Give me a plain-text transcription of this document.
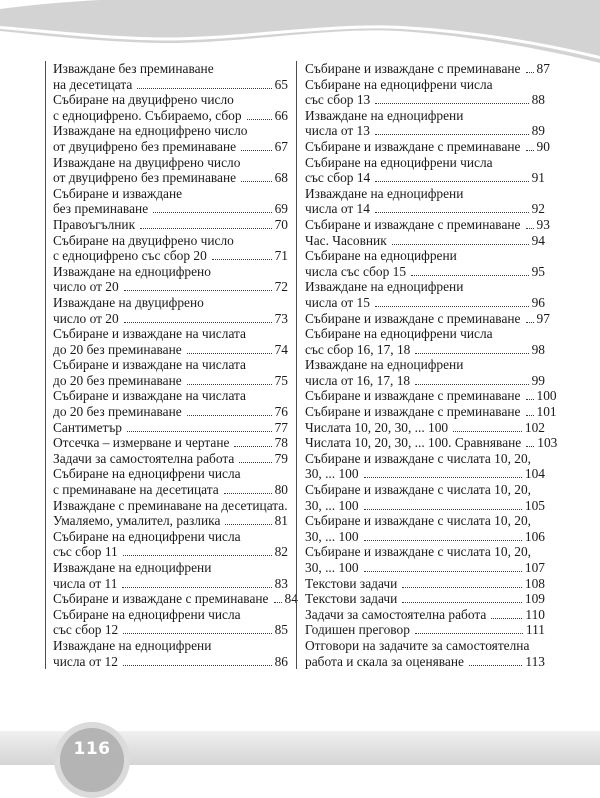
Изваждане без преминаване
на десетицата	65
Събиране на двуцифрено число
с едноцифрено. Събираемо, сбор 66
Изваждане на едноцифрено число
от двуцифрено без преминаване	67
Изваждане на двуцифрено число
от двуцифрено без преминаване	68
Събиране и изваждане
без преминаване	69
Правоъгълник	70
Събиране на двуцифрено число
с едноцифрено със сбор 20	71
Изваждане на едноцифрено
число от 20	72
Изваждане на двуцифрено
число от 20	73
Събиране и изваждане на числата
до 20 без преминаване	74
Събиране и изваждане на числата
до 20 без преминаване	75
Събиране и изваждане на числата
до 20 без преминаване	76
Сантиметър	77
Отсечка – измерване и чертане	78
Задачи за самостоятелна работа	79
Събиране на едноцифрени числа
с преминаване на десетицата	80
Изваждане с преминаване на десетицата.
Умаляемо, умалител, разлика	81
Събиране на едноцифрени числа
със сбор 11	82
Изваждане на едноцифрени
числа от 11	83
Събиране и изваждане с преминаване 84
Събиране на едноцифрени числа
със сбор 12	85
Изваждане на едноцифрени
числа от 12	86
Събиране и изваждане с преминаване 87
Събиране на едноцифрени числа
със сбор 13	88
Изваждане на едноцифрени
числа от 13	89
Събиране и изваждане с преминаване 90
Събиране на едноцифрени числа
със сбор 14	91
Изваждане на едноцифрени
числа от 14	92
Събиране и изваждане с преминаване 93
Час. Часовник	94
Събиране на едноцифрени
числа със сбор 15	95
Изваждане на едноцифрени
числа от 15	96
Събиране и изваждане с преминаване 97
Събиране на едноцифрени числа
със сбор 16, 17, 18	98
Изваждане на едноцифрени
числа от 16, 17, 18	99
Събиране и изваждане с преминаване 100
Събиране и изваждане с преминаване 101
Числата 10, 20, 30, ... 100	102
Числата 10, 20, 30, ... 100. Сравняване 103
Събиране и изваждане с числата 10, 20,
30, ... 100	104
Събиране и изваждане с числата 10, 20,
30, ... 100	105
Събиране и изваждане с числата 10, 20,
30, ... 100	106
Събиране и изваждане с числата 10, 20,
30, ... 100	107
Текстови задачи	108
Текстови задачи	109
Задачи за самостоятелна работа	110
Годишен преговор	111
Отговори на задачите за самостоятелна
работа и скала за оценяване	113
116
